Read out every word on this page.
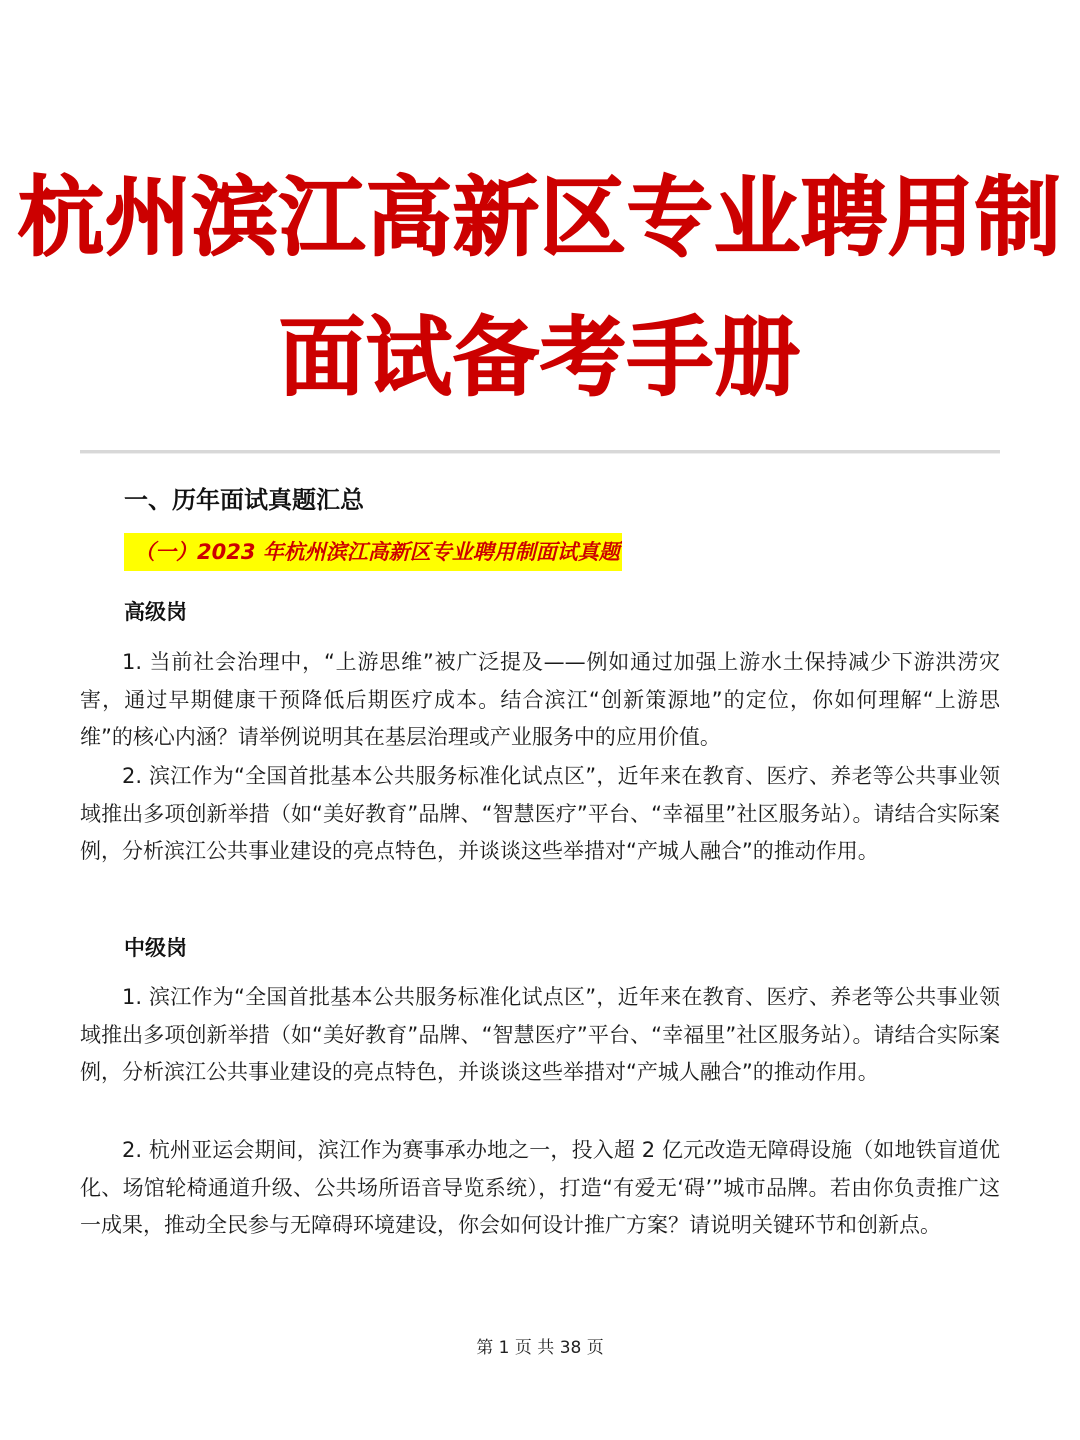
杭州滨江高新区专业聘用制
面试备考手册
一、历年面试真题汇总
（一）2023 年杭州滨江高新区专业聘用制面试真题
高级岗

1. 当前社会治理中，“上游思维”被广泛提及——例如通过加强上游水土保持减少下游洪涝灾害，通过早期健康干预降低后期医疗成本。结合滨江“创新策源地”的定位，你如何理解“上游思维”的核心内涵？请举例说明其在基层治理或产业服务中的应用价值。

2. 滨江作为“全国首批基本公共服务标准化试点区”，近年来在教育、医疗、养老等公共事业领域推出多项创新举措（如“美好教育”品牌、“智慧医疗”平台、“幸福里”社区服务站）。请结合实际案例，分析滨江公共事业建设的亮点特色，并谈谈这些举措对“产城人融合”的推动作用。

中级岗

1. 滨江作为“全国首批基本公共服务标准化试点区”，近年来在教育、医疗、养老等公共事业领域推出多项创新举措（如“美好教育”品牌、“智慧医疗”平台、“幸福里”社区服务站）。请结合实际案例，分析滨江公共事业建设的亮点特色，并谈谈这些举措对“产城人融合”的推动作用。

2. 杭州亚运会期间，滨江作为赛事承办地之一，投入超 2 亿元改造无障碍设施（如地铁盲道优化、场馆轮椅通道升级、公共场所语音导览系统），打造“有爱无‘碍’”城市品牌。若由你负责推广这一成果，推动全民参与无障碍环境建设，你会如何设计推广方案？请说明关键环节和创新点。

第 1 页 共 38 页
